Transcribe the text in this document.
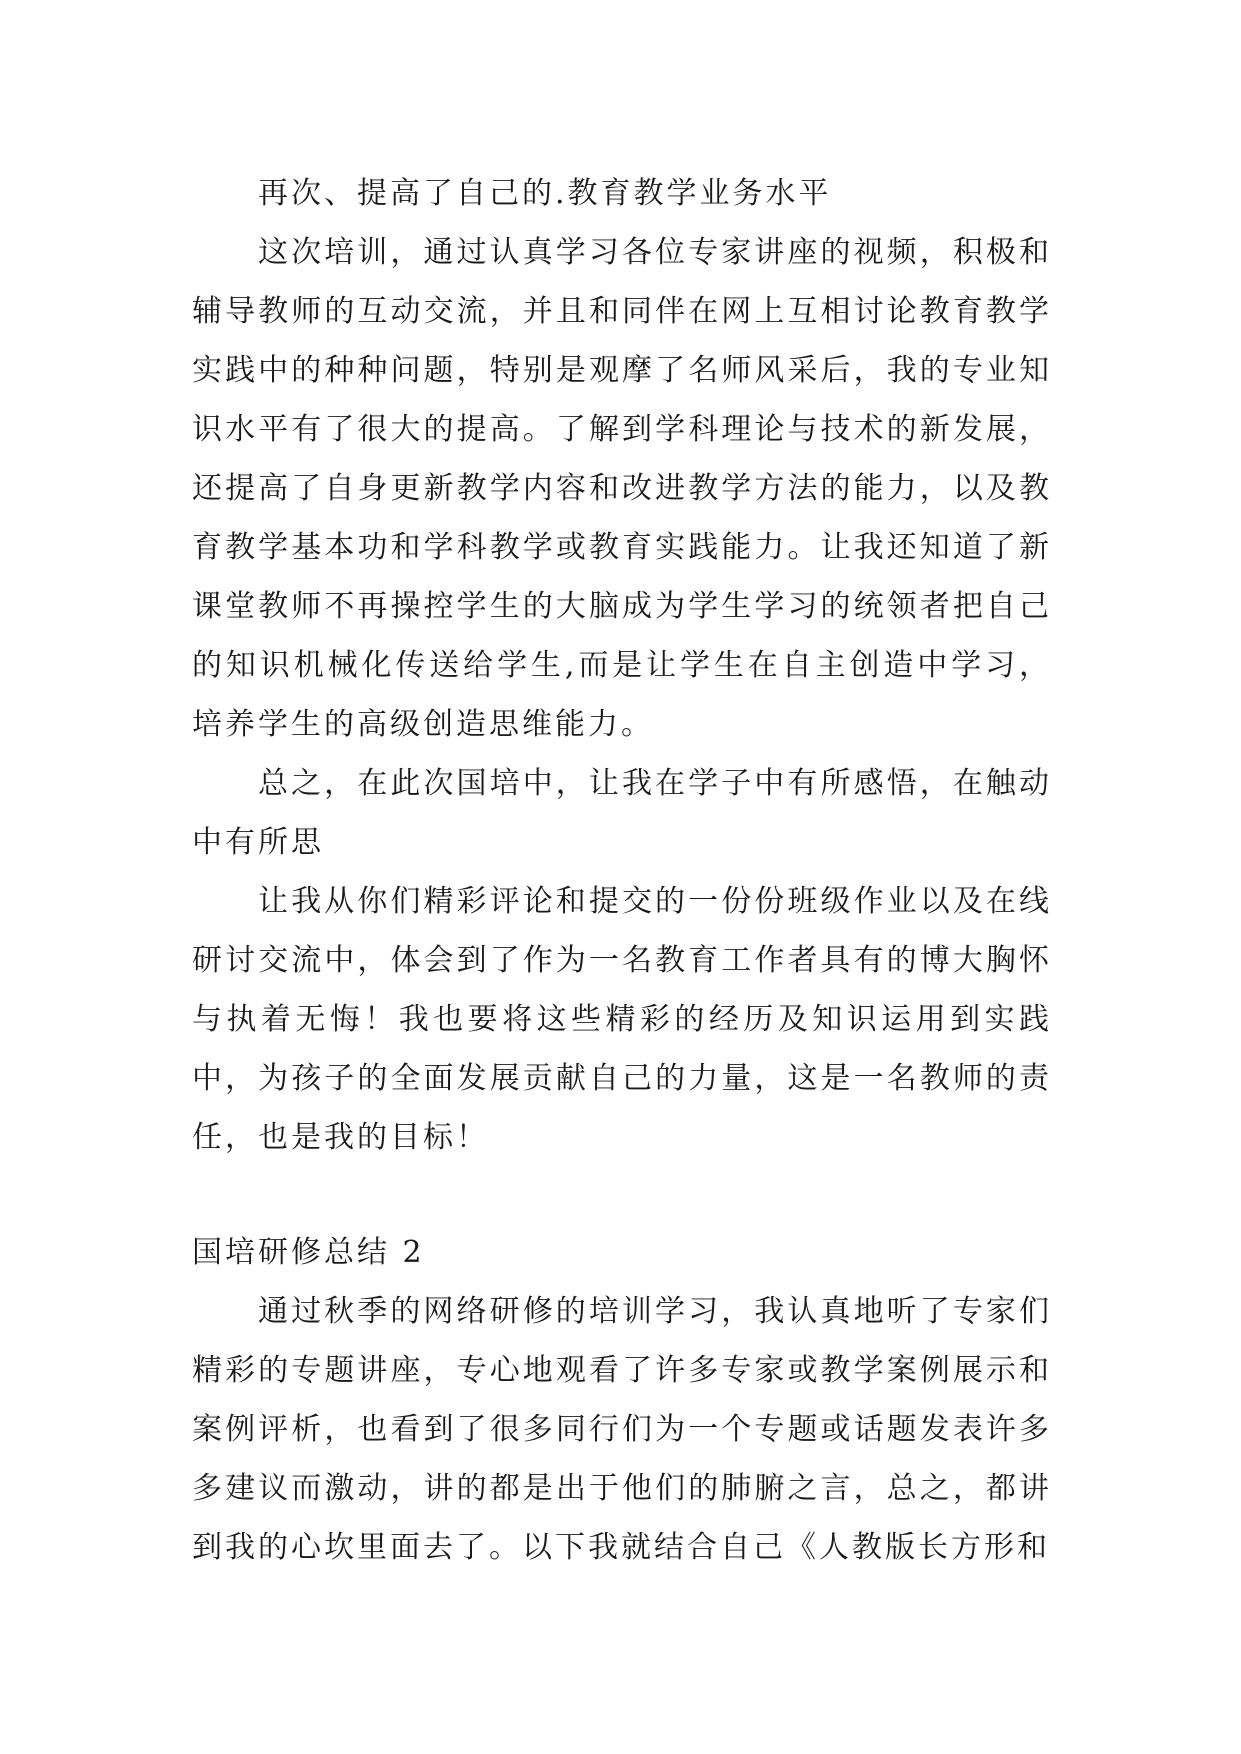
再次、提高了自己的.教育教学业务水平

这次培训，通过认真学习各位专家讲座的视频，积极和辅导教师的互动交流，并且和同伴在网上互相讨论教育教学实践中的种种问题，特别是观摩了名师风采后，我的专业知识水平有了很大的提高。了解到学科理论与技术的新发展，还提高了自身更新教学内容和改进教学方法的能力，以及教育教学基本功和学科教学或教育实践能力。让我还知道了新课堂教师不再操控学生的大脑成为学生学习的统领者把自己的知识机械化传送给学生,而是让学生在自主创造中学习，培养学生的高级创造思维能力。

总之，在此次国培中，让我在学子中有所感悟，在触动中有所思

让我从你们精彩评论和提交的一份份班级作业以及在线研讨交流中，体会到了作为一名教育工作者具有的博大胸怀与执着无悔！我也要将这些精彩的经历及知识运用到实践中，为孩子的全面发展贡献自己的力量，这是一名教师的责任，也是我的目标！

国培研修总结 2

通过秋季的网络研修的培训学习，我认真地听了专家们精彩的专题讲座，专心地观看了许多专家或教学案例展示和案例评析，也看到了很多同行们为一个专题或话题发表许多多建议而激动，讲的都是出于他们的肺腑之言，总之，都讲到我的心坎里面去了。以下我就结合自己《人教版长方形和
